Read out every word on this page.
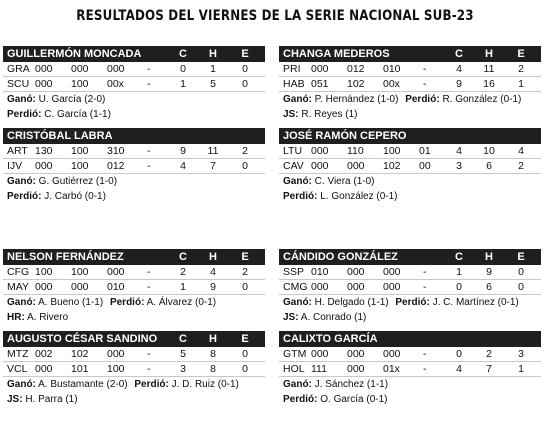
RESULTADOS DEL VIERNES DE LA SERIE NACIONAL SUB-23
GUILLERMÓN MONCADA	C	H	E
GRA 000 000 000 -	0	1	0
SCU 000 100 00x -	1	5	0
Ganó: U. García (2-0)
Perdió: C. García (1-1)
CRISTÓBAL LABRA
ART 130 100 310 -	9	11	2
IJV 000 100 012 -	4	7	0
Ganó: G. Gutiérrez (1-0)
Perdió: J. Carbó (0-1)
CHANGA MEDEROS	C	H	E
PRI 000 012 010 -	4	11	2
HAB 051 102 00x -	9	16	1
Ganó: P. Hernández (1-0) Perdió: R. González (0-1)
JS: R. Reyes (1)
JOSÉ RAMÓN CEPERO
LTU 000 110 100 01	4	10	4
CAV 000 000 102 00	3	6	2
Ganó: C. Viera (1-0)
Perdió: L. González (0-1)
NELSON FERNÁNDEZ	C	H	E
CFG 100 100 000 -	2	4	2
MAY 000 000 010 -	1	9	0
Ganó: A. Bueno (1-1) Perdió: A. Álvarez (0-1)
HR: A. Rivero
AUGUSTO CÉSAR SANDINO	C	H	E
MTZ 002 102 000 -	5	8	0
VCL 000 101 100 -	3	8	0
Ganó: A. Bustamante (2-0) Perdió: J. D. Ruiz (0-1)
JS: H. Parra (1)
CÁNDIDO GONZÁLEZ	C	H	E
SSP 010 000 000 -	1	9	0
CMG 000 000 000 -	0	6	0
Ganó: H. Delgado (1-1) Perdió: J. C. Martínez (0-1)
JS: A. Conrado (1)
CALIXTO GARCÍA
GTM 000 000 000 -	0	2	3
HOL 111 000 01x -	4	7	1
Ganó: J. Sánchez (1-1)
Perdió: O. García (0-1)
